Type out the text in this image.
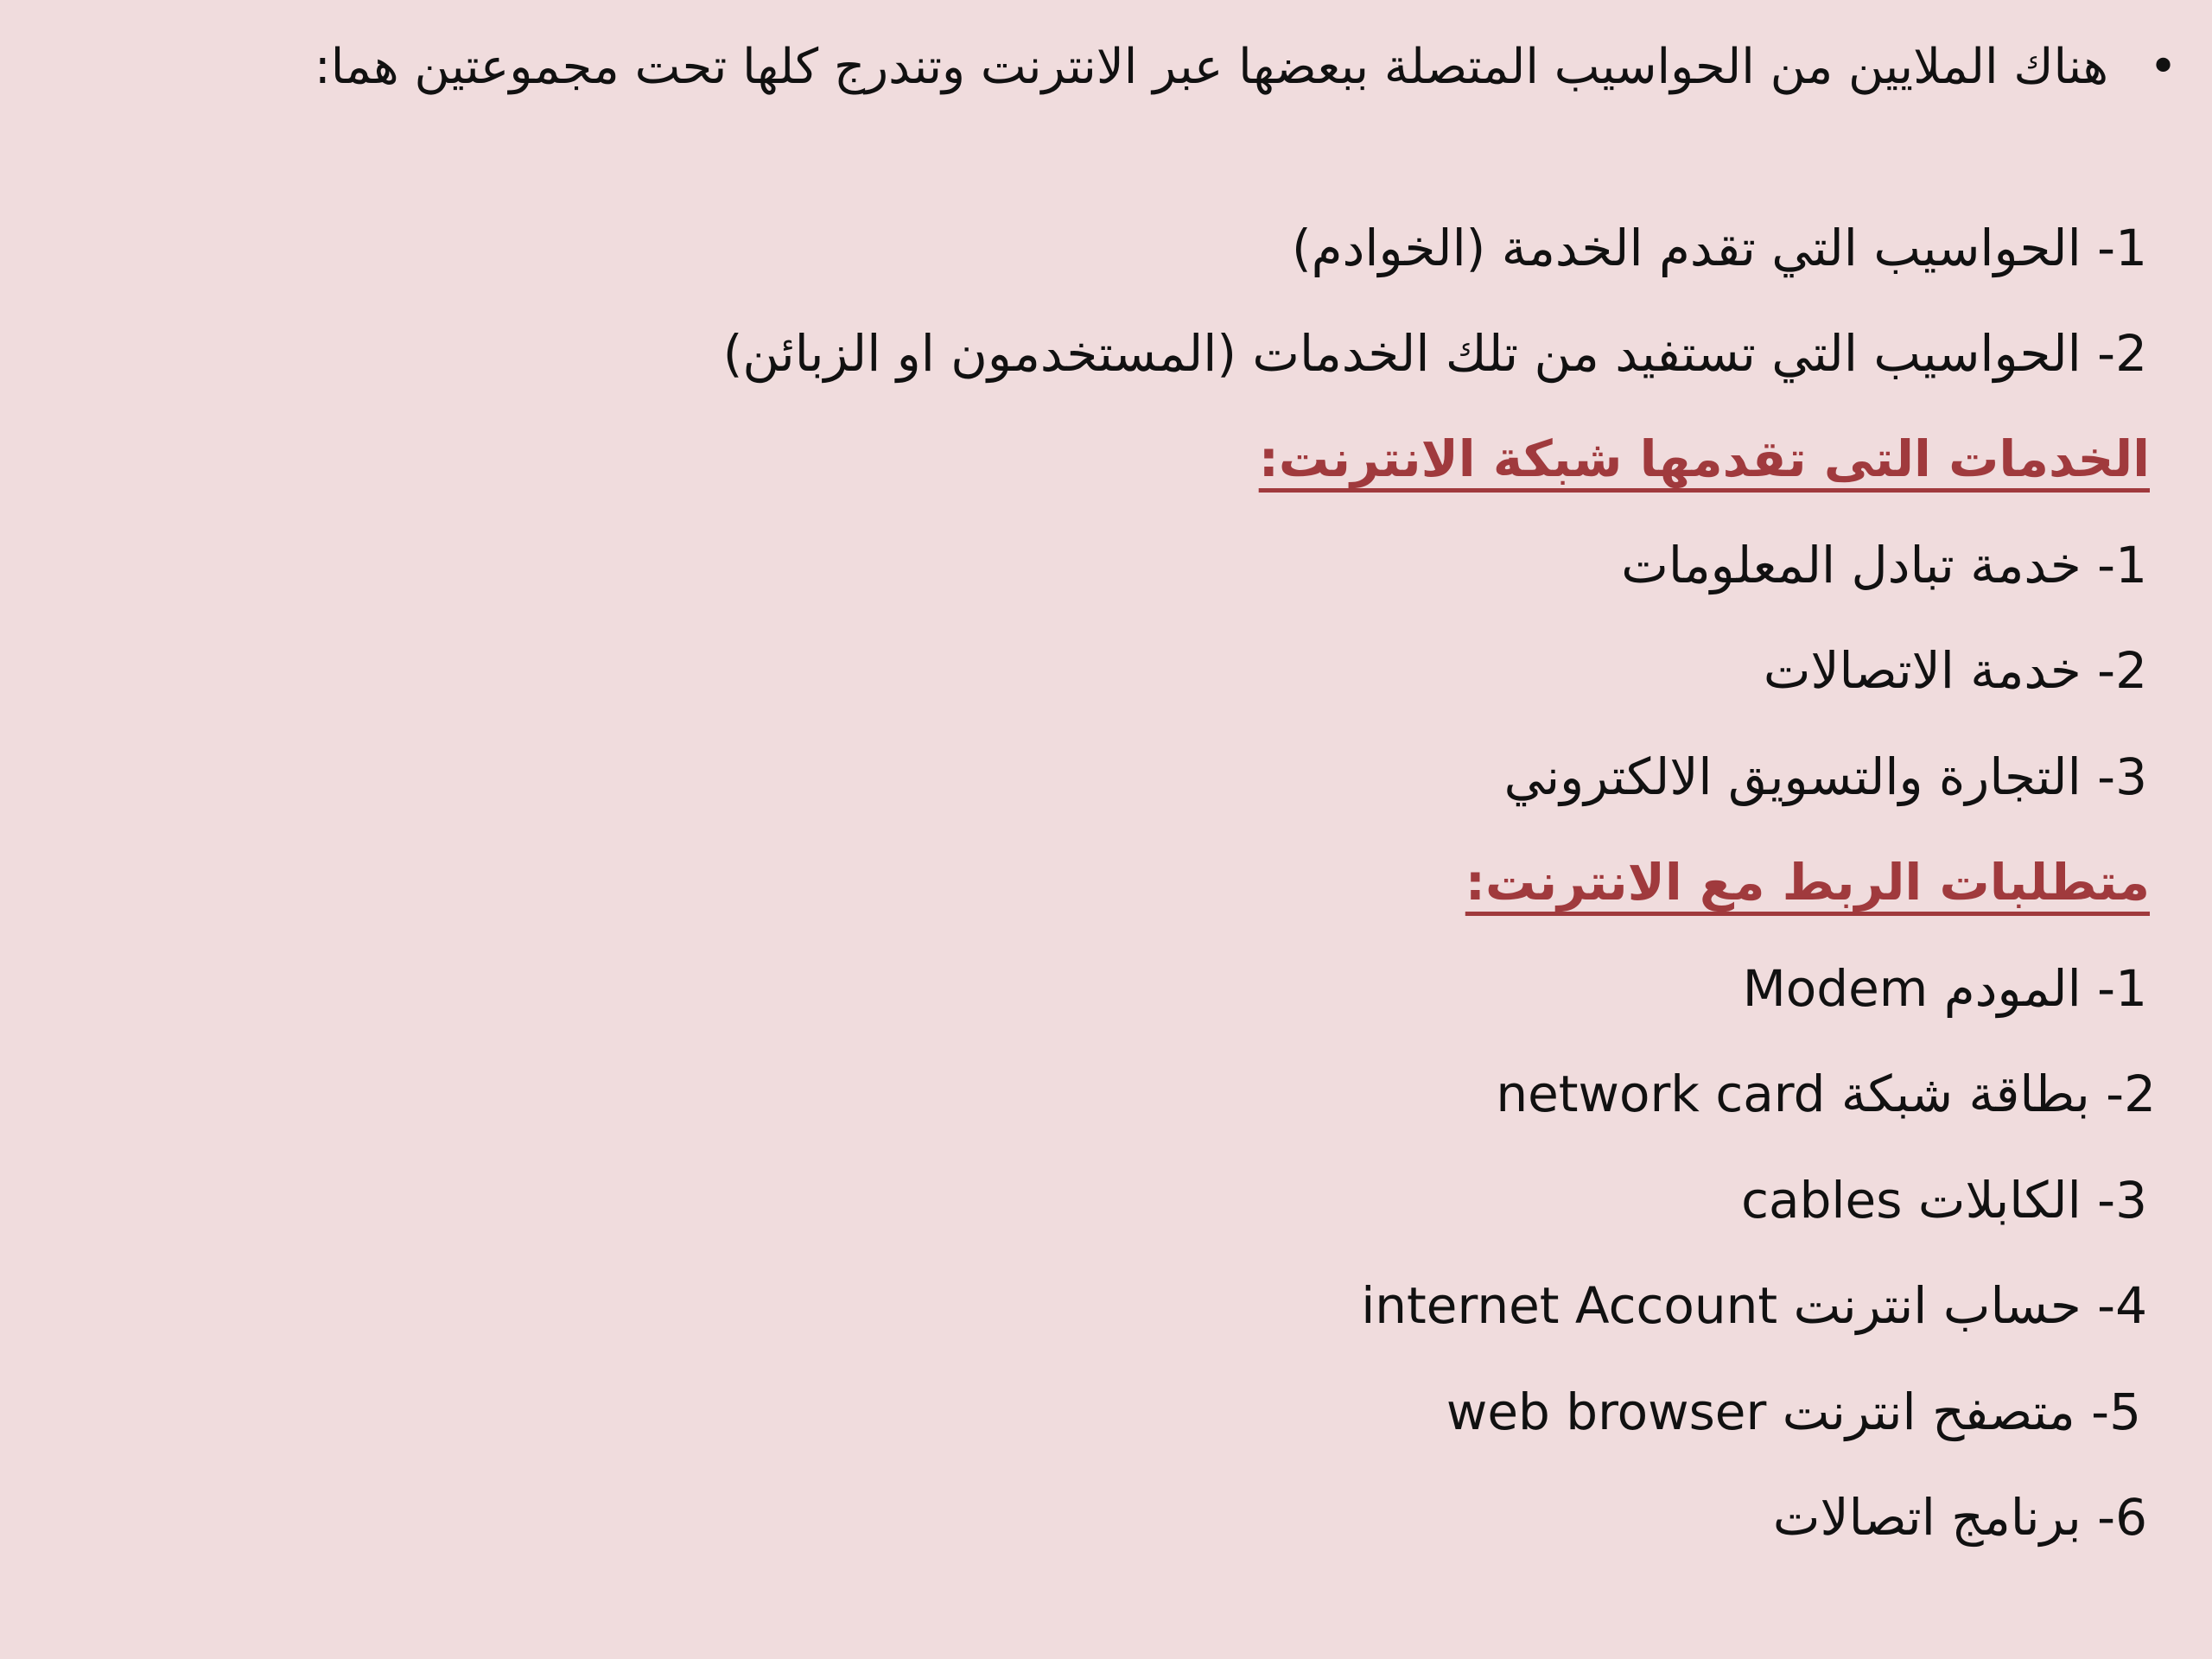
•
هناك الملايين من الحواسيب المتصلة ببعضها عبر الانترنت وتندرج كلها تحت مجموعتين هما:
1- الحواسيب التي تقدم الخدمة (الخوادم)
2- الحواسيب التي تستفيد من تلك الخدمات (المستخدمون او الزبائن)
الخدمات التى تقدمها شبكة الانترنت:
1- خدمة تبادل المعلومات
2- خدمة الاتصالات
3- التجارة والتسويق الالكتروني
متطلبات الربط مع الانترنت:
1- المودم Modem
2- بطاقة شبكة network card
3- الكابلات cables
4- حساب انترنت internet Account
5- متصفح انترنت web browser
6- برنامج اتصالات
